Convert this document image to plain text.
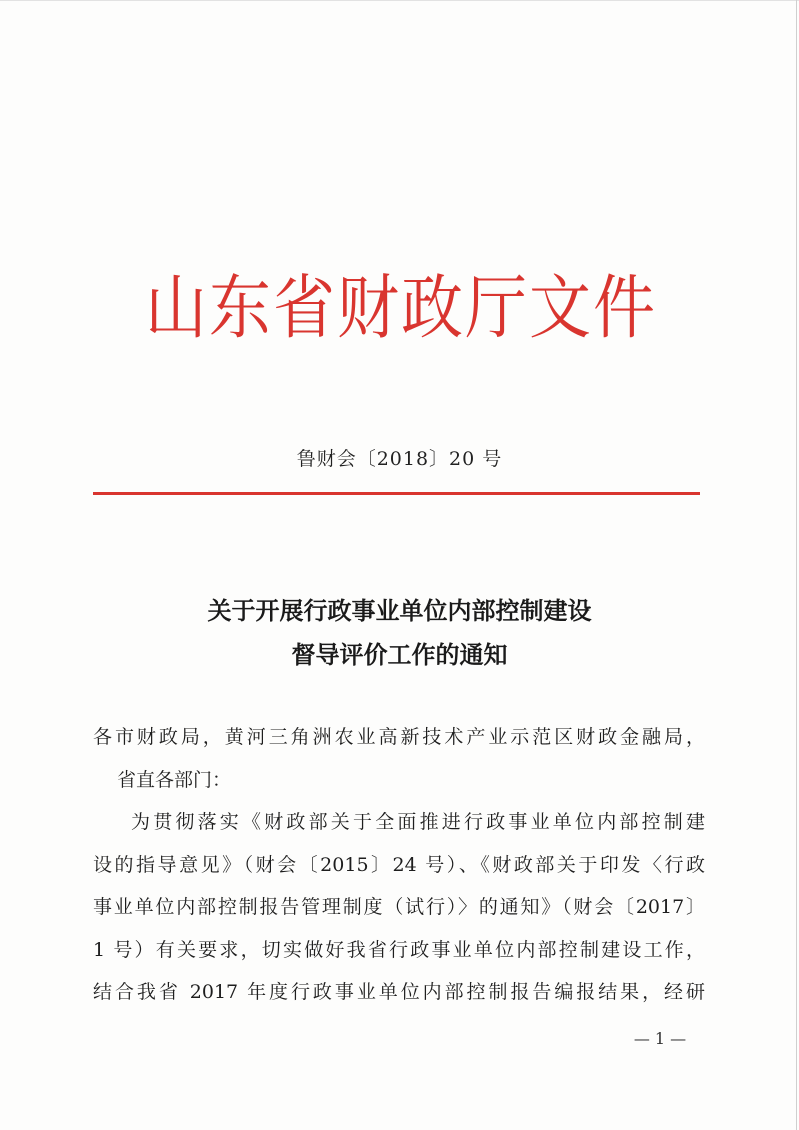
山东省财政厅文件
鲁财会〔2018〕20 号
关于开展行政事业单位内部控制建设
督导评价工作的通知
各市财政局，黄河三角洲农业高新技术产业示范区财政金融局，
省直各部门：
为贯彻落实《财政部关于全面推进行政事业单位内部控制建
设的指导意见》（财会〔2015〕24 号）、《财政部关于印发〈行政
事业单位内部控制报告管理制度（试行）〉的通知》（财会〔2017〕
1 号）有关要求，切实做好我省行政事业单位内部控制建设工作，
结合我省 2017 年度行政事业单位内部控制报告编报结果，经研
— 1 —
